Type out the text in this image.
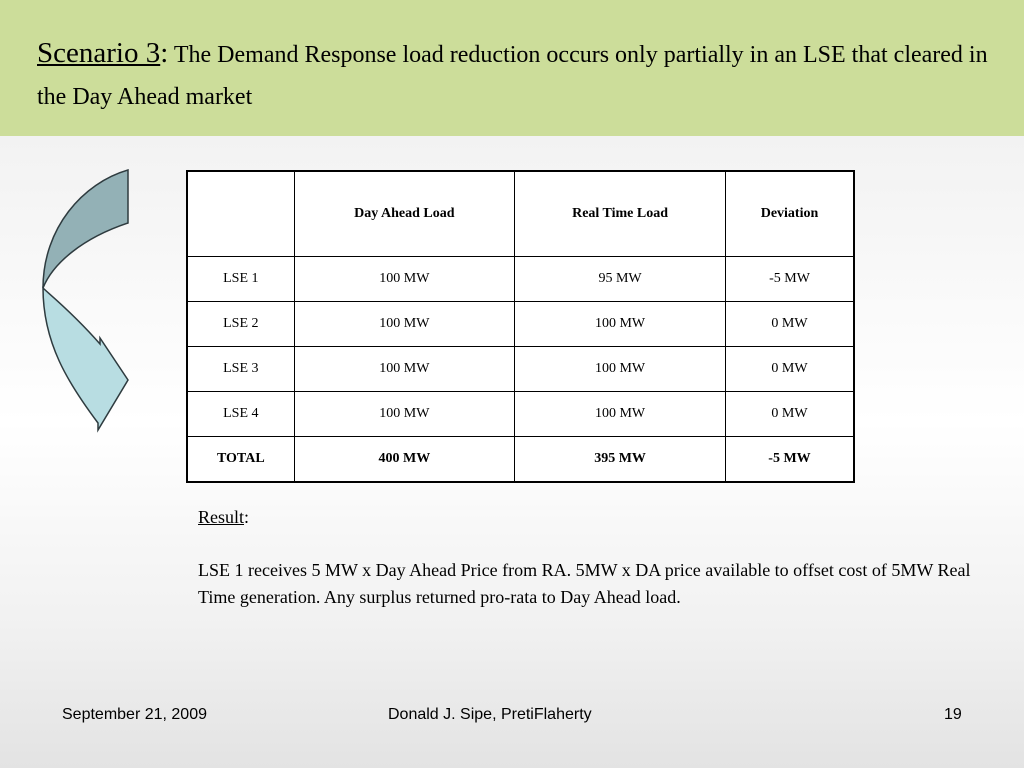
Scenario 3: The Demand Response load reduction occurs only partially in an LSE that cleared in the Day Ahead market
	Day Ahead Load	Real Time Load	Deviation
LSE 1	100 MW	95 MW	-5 MW
LSE 2	100 MW	100 MW	0 MW
LSE 3	100 MW	100 MW	0 MW
LSE 4	100 MW	100 MW	0 MW
TOTAL	400 MW	395 MW	-5 MW

Result:

LSE 1 receives 5 MW x Day Ahead Price from RA. 5MW x DA price available to offset cost of 5MW Real Time generation. Any surplus returned pro-rata to Day Ahead load.

September 21, 2009	Donald J. Sipe, PretiFlaherty	19
